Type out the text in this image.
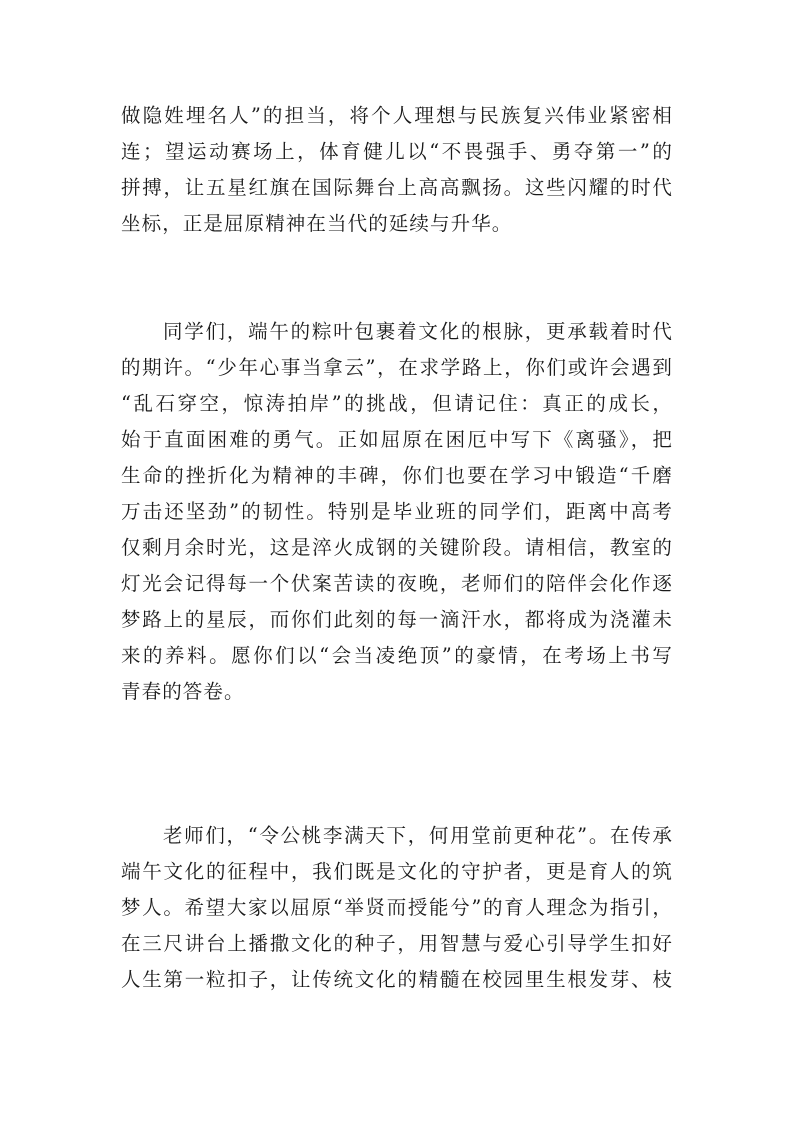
做隐姓埋名人”的担当，将个人理想与民族复兴伟业紧密相
连；望运动赛场上，体育健儿以“不畏强手、勇夺第一”的
拼搏，让五星红旗在国际舞台上高高飘扬。这些闪耀的时代
坐标，正是屈原精神在当代的延续与升华。
同学们，端午的粽叶包裹着文化的根脉，更承载着时代
的期许。“少年心事当拿云”，在求学路上，你们或许会遇到
“乱石穿空，惊涛拍岸”的挑战，但请记住：真正的成长，
始于直面困难的勇气。正如屈原在困厄中写下《离骚》，把
生命的挫折化为精神的丰碑，你们也要在学习中锻造“千磨
万击还坚劲”的韧性。特别是毕业班的同学们，距离中高考
仅剩月余时光，这是淬火成钢的关键阶段。请相信，教室的
灯光会记得每一个伏案苦读的夜晚，老师们的陪伴会化作逐
梦路上的星辰，而你们此刻的每一滴汗水，都将成为浇灌未
来的养料。愿你们以“会当凌绝顶”的豪情，在考场上书写
青春的答卷。
老师们，“令公桃李满天下，何用堂前更种花”。在传承
端午文化的征程中，我们既是文化的守护者，更是育人的筑
梦人。希望大家以屈原“举贤而授能兮”的育人理念为指引，
在三尺讲台上播撒文化的种子，用智慧与爱心引导学生扣好
人生第一粒扣子，让传统文化的精髓在校园里生根发芽、枝
